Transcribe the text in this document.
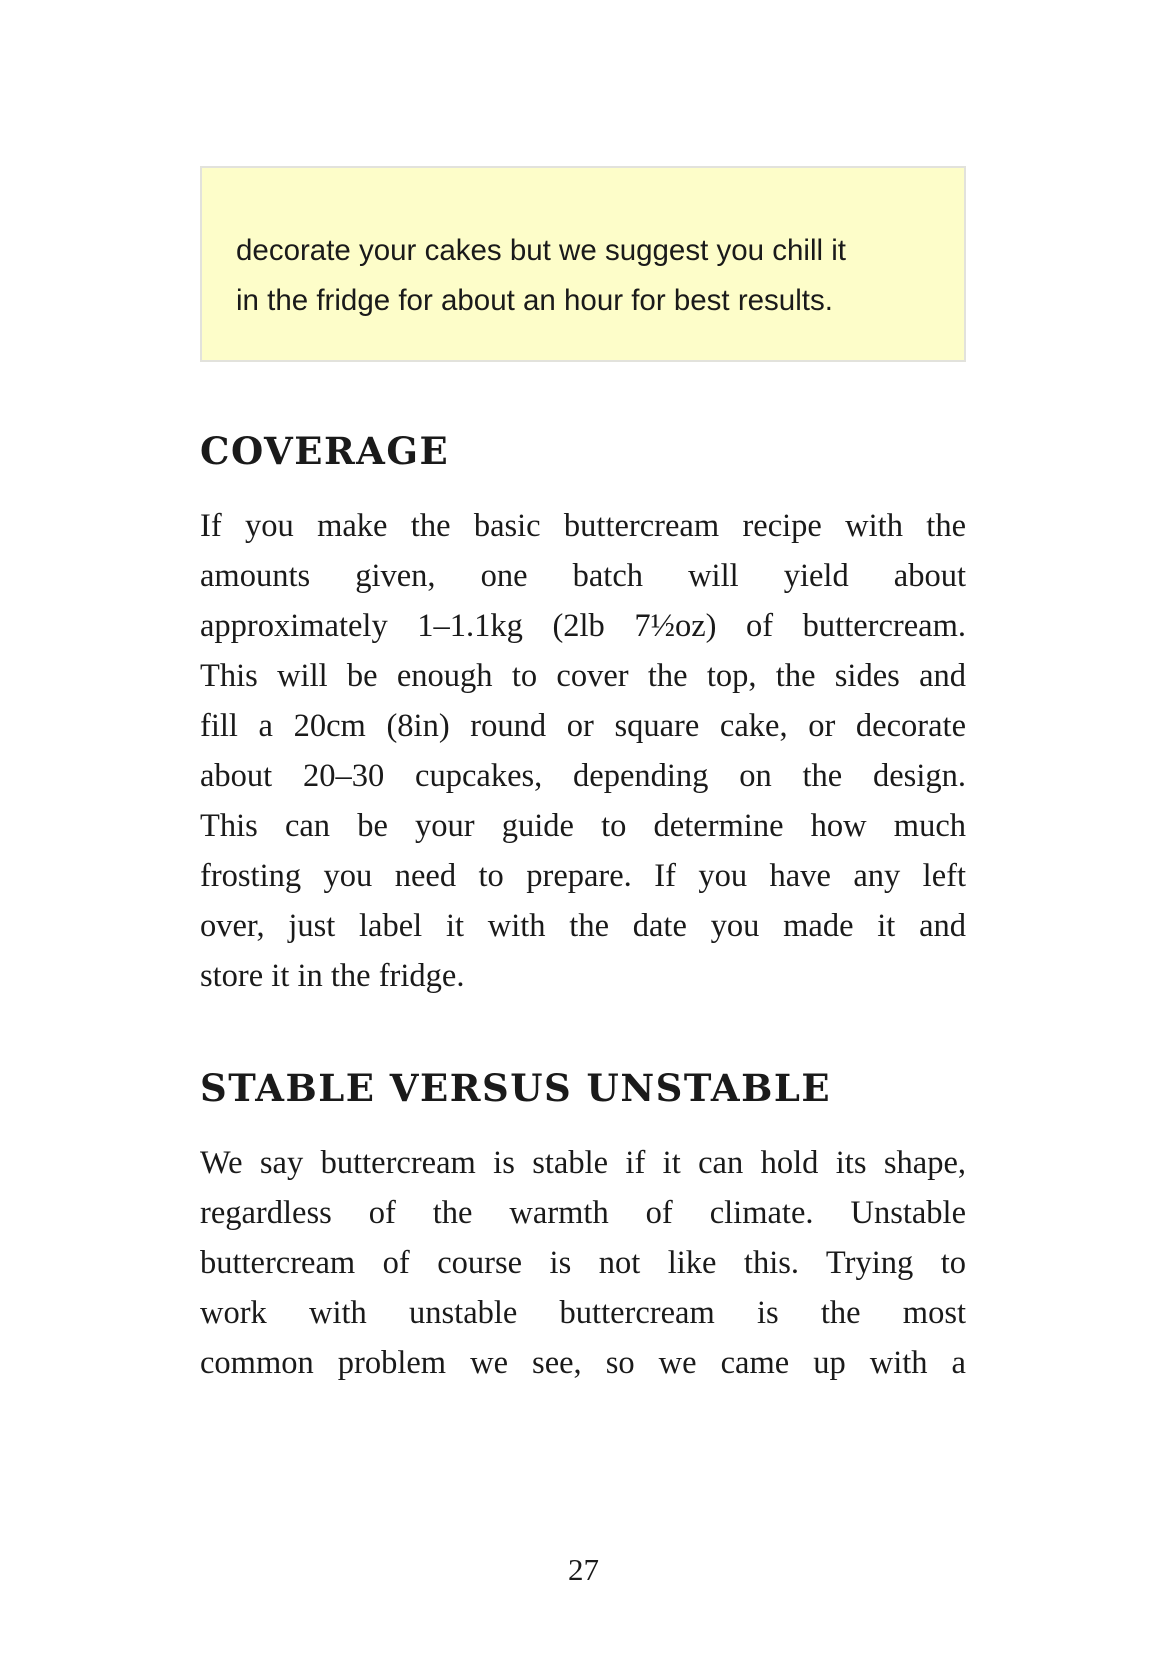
decorate your cakes but we suggest you chill it
in the fridge for about an hour for best results.
COVERAGE
If you make the basic buttercream recipe with the
amounts given, one batch will yield about
approximately 1–1.1kg (2lb 7½oz) of buttercream.
This will be enough to cover the top, the sides and
fill a 20cm (8in) round or square cake, or decorate
about 20–30 cupcakes, depending on the design.
This can be your guide to determine how much
frosting you need to prepare. If you have any left
over, just label it with the date you made it and
store it in the fridge.
STABLE VERSUS UNSTABLE
We say buttercream is stable if it can hold its shape,
regardless of the warmth of climate. Unstable
buttercream of course is not like this. Trying to
work with unstable buttercream is the most
common problem we see, so we came up with a
27
